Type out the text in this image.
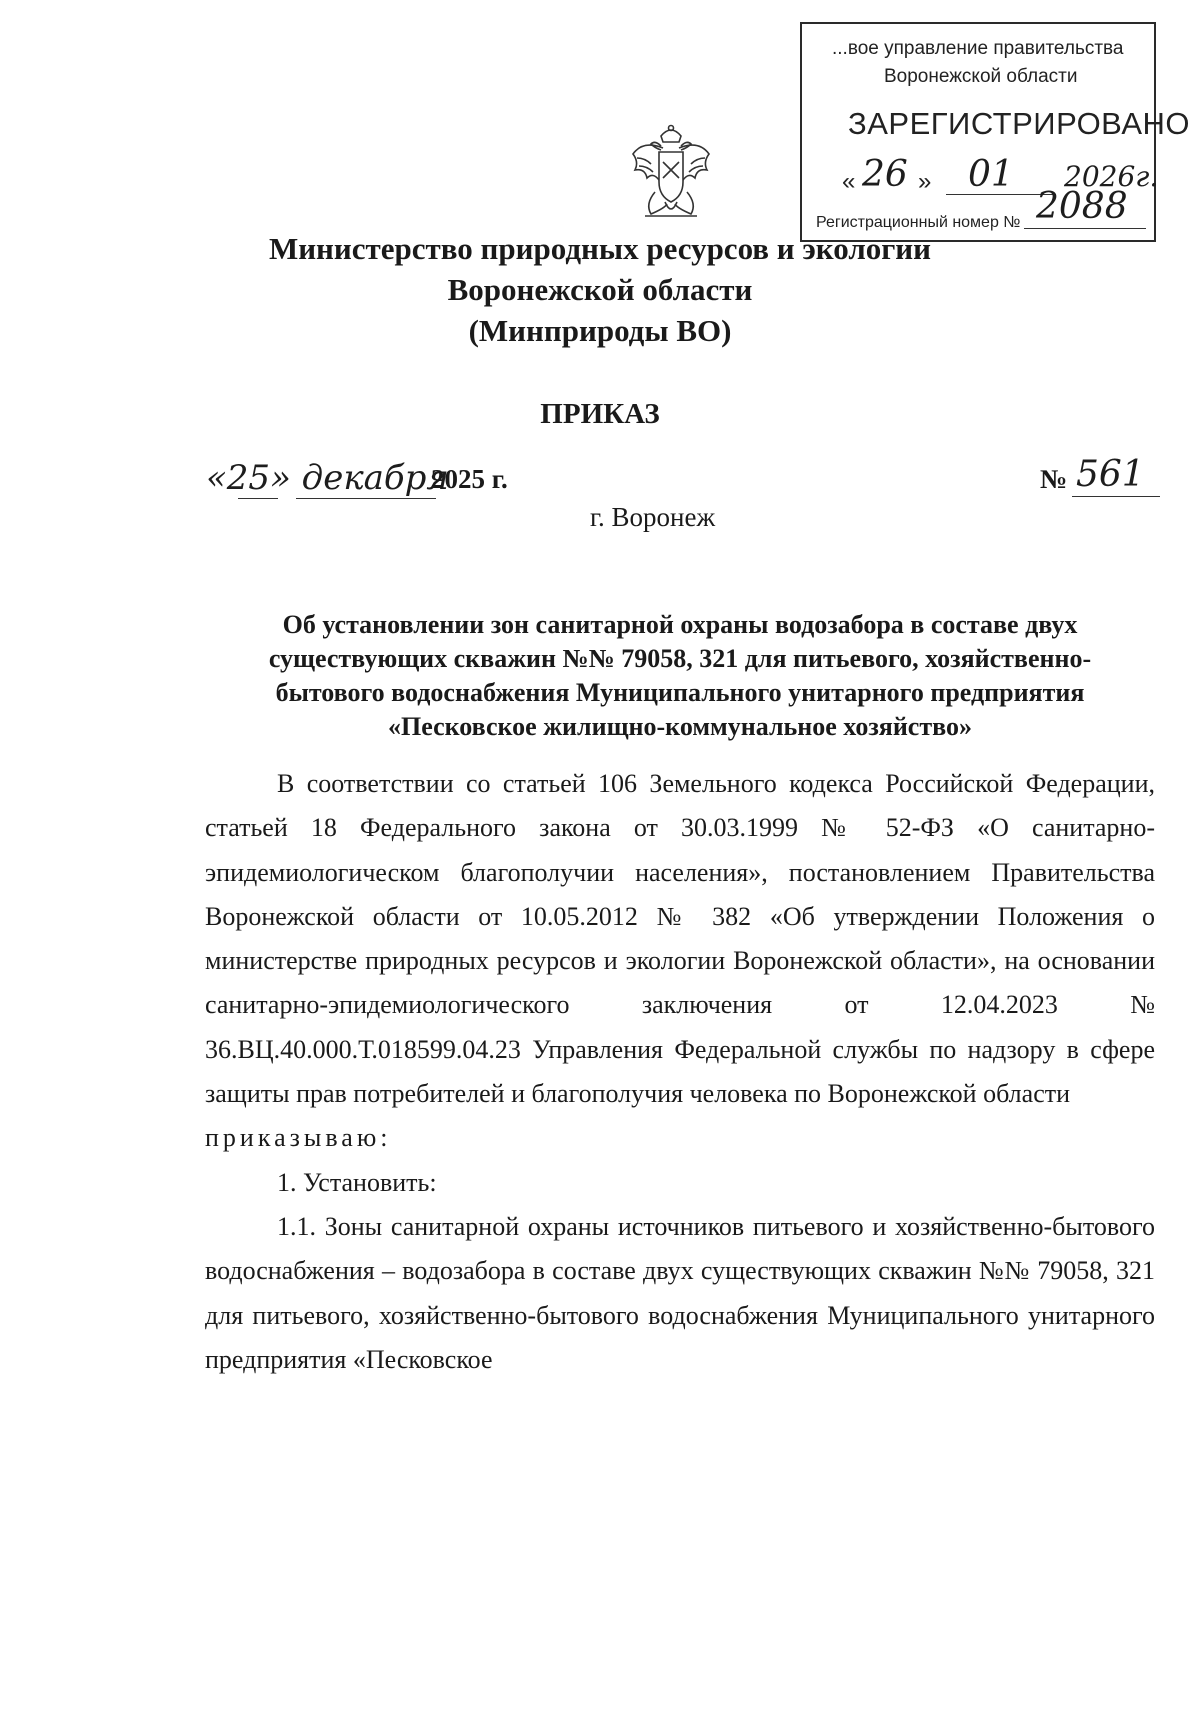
...вое управление правительства
Воронежской области
ЗАРЕГИСТРИРОВАНО
« 26 » 01 2026г.
Регистрационный номер № 2088
Министерство природных ресурсов и экологии
Воронежской области
(Минприроды ВО)
ПРИКАЗ
«25» декабря
2025 г.	№ 561
г. Воронеж
Об установлении зон санитарной охраны водозабора в составе двух
существующих скважин №№ 79058, 321 для питьевого, хозяйственно-
бытового водоснабжения Муниципального унитарного предприятия
«Песковское жилищно-коммунальное хозяйство»

В соответствии со статьей 106 Земельного кодекса Российской Федерации, статьей 18 Федерального закона от 30.03.1999 № 52-ФЗ «О санитарно-эпидемиологическом благополучии населения», постановлением Правительства Воронежской области от 10.05.2012 № 382 «Об утверждении Положения о министерстве природных ресурсов и экологии Воронежской области», на основании санитарно-эпидемиологического заключения от 12.04.2023 № 36.ВЦ.40.000.Т.018599.04.23 Управления Федеральной службы по надзору в сфере защиты прав потребителей и благополучия человека по Воронежской области

приказываю:

1. Установить:

1.1. Зоны санитарной охраны источников питьевого и хозяйственно-бытового водоснабжения – водозабора в составе двух существующих скважин №№ 79058, 321 для питьевого, хозяйственно-бытового водоснабжения Муниципального унитарного предприятия «Песковское
